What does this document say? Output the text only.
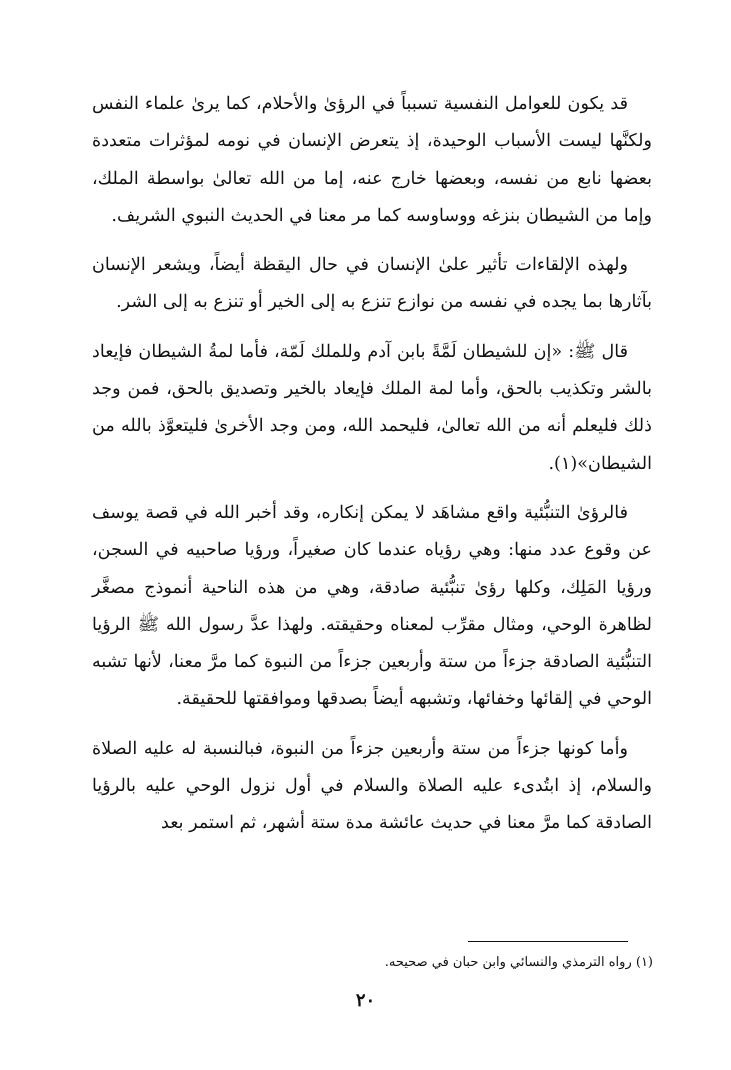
قد يكون للعوامل النفسية تسبباً في الرؤىٰ والأحلام، كما يرىٰ علماء النفس ولكنَّها ليست الأسباب الوحيدة، إذ يتعرض الإنسان في نومه لمؤثرات متعددة بعضها نابع من نفسه، وبعضها خارج عنه، إما من الله تعالىٰ بواسطة الملك، وإما من الشيطان بنزغه ووساوسه كما مر معنا في الحديث النبوي الشريف.

ولهذه الإلقاءات تأثير علىٰ الإنسان في حال اليقظة أيضاً، ويشعر الإنسان بآثارها بما يجده في نفسه من نوازع تنزع به إلى الخير أو تنزع به إلى الشر.

قال ﷺ: «إن للشيطان لَمَّةً بابن آدم وللملك لَمّة، فأما لمةُ الشيطان فإيعاد بالشر وتكذيب بالحق، وأما لمة الملك فإيعاد بالخير وتصديق بالحق، فمن وجد ذلك فليعلم أنه من الله تعالىٰ، فليحمد الله، ومن وجد الأخرىٰ فليتعوَّذ بالله من الشيطان»(١).

فالرؤىٰ التنبُّئية واقع مشاهَد لا يمكن إنكاره، وقد أخبر الله في قصة يوسف عن وقوع عدد منها: وهي رؤياه عندما كان صغيراً، ورؤيا صاحبيه في السجن، ورؤيا المَلِك، وكلها رؤىٰ تنبُّئية صادقة، وهي من هذه الناحية أنموذج مصغَّر لظاهرة الوحي، ومثال مقرِّب لمعناه وحقيقته. ولهذا عدَّ رسول الله ﷺ الرؤيا التنبُّئية الصادقة جزءاً من ستة وأربعين جزءاً من النبوة كما مرَّ معنا، لأنها تشبه الوحي في إلقائها وخفائها، وتشبهه أيضاً بصدقها وموافقتها للحقيقة.

وأما كونها جزءاً من ستة وأربعين جزءاً من النبوة، فبالنسبة له عليه الصلاة والسلام، إذ ابتُدىء عليه الصلاة والسلام في أول نزول الوحي عليه بالرؤيا الصادقة كما مرَّ معنا في حديث عائشة مدة ستة أشهر، ثم استمر بعد

(١) رواه الترمذي والنسائي وابن حبان في صحيحه.
٢٠
